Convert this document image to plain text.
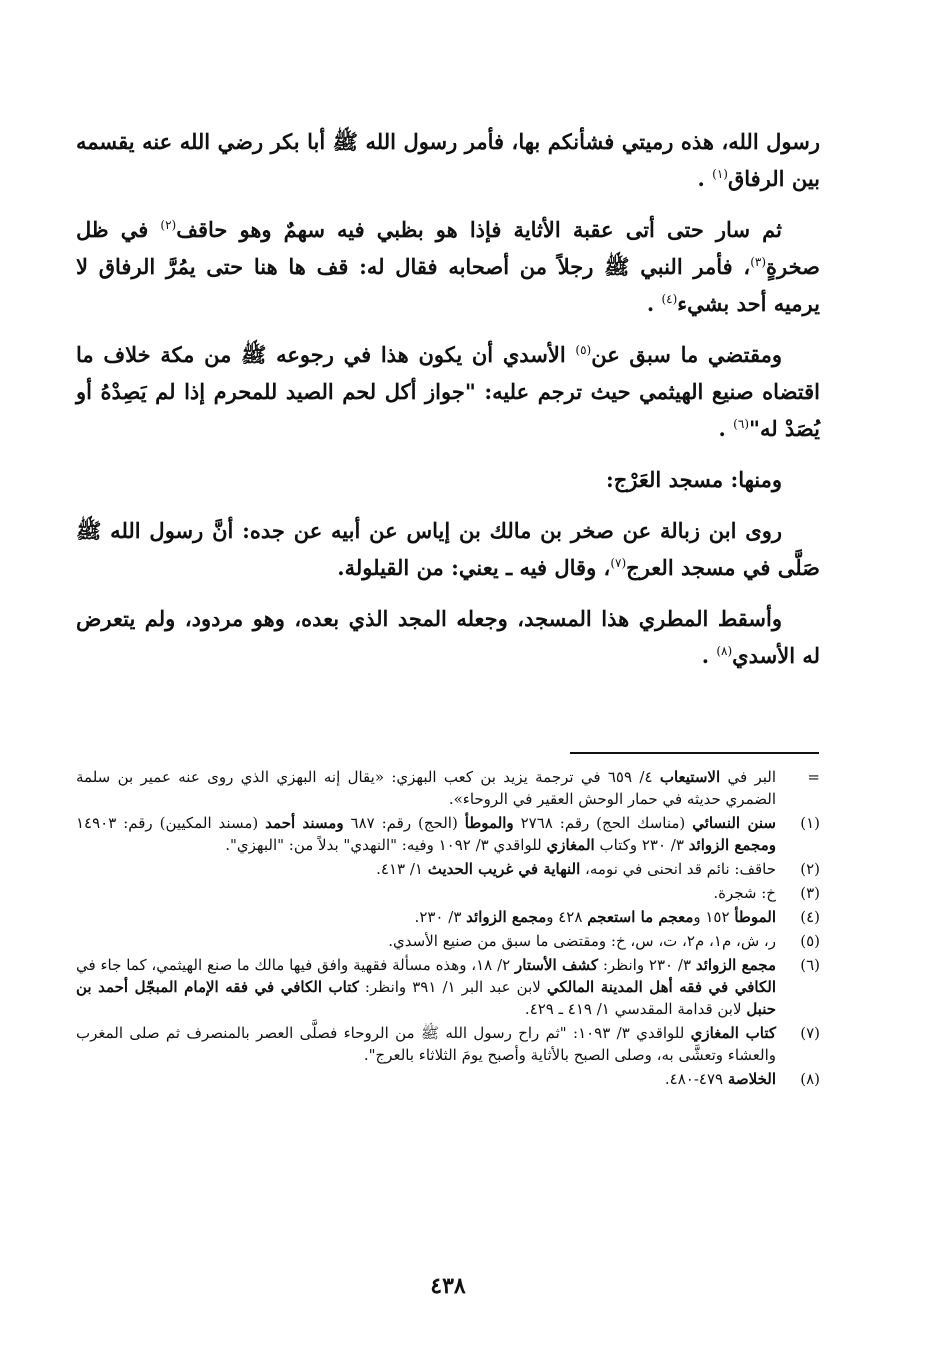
رسول الله، هذه رميتي فشأنكم بها، فأمر رسول الله ﷺ أبا بكر رضي الله عنه يقسمه بين الرفاق$^{(١)}$ .

ثم سار حتى أتى عقبة الأثاية فإذا هو بظبي فيه سهمٌ وهو حاقف$^{(٢)}$ في ظل صخرةٍ$^{(٣)}$، فأمر النبي ﷺ رجلاً من أصحابه فقال له: قف ها هنا حتى يمُرَّ الرفاق لا يرميه أحد بشيء$^{(٤)}$ .

ومقتضي ما سبق عن$^{(٥)}$ الأسدي أن يكون هذا في رجوعه ﷺ من مكة خلاف ما اقتضاه صنيع الهيثمي حيث ترجم عليه: "جواز أكل لحم الصيد للمحرم إذا لم يَصِدْهُ أو يُصَدْ له"$^{(٦)}$ .

ومنها: مسجد العَرْج:

روى ابن زبالة عن صخر بن مالك بن إياس عن أبيه عن جده: أنَّ رسول الله ﷺ صَلَّى في مسجد العرج$^{(٧)}$، وقال فيه ـ يعني: من القيلولة.

وأسقط المطري هذا المسجد، وجعله المجد الذي بعده، وهو مردود، ولم يتعرض له الأسدي$^{(٨)}$ .

=
البر في الاستيعاب ٤/ ٦٥٩ في ترجمة يزيد بن كعب البهزي: «يقال إنه البهزي الذي روى عنه عمير بن سلمة الضمري حديثه في حمار الوحش العقير في الروحاء».
(١)
سنن النسائي (مناسك الحج) رقم: ٢٧٦٨ والموطأ (الحج) رقم: ٦٨٧ ومسند أحمد (مسند المكيين) رقم: ١٤٩٠٣ ومجمع الزوائد ٣/ ٢٣٠ وكتاب المغازي للواقدي ٣/ ١٠٩٢ وفيه: "النهدي" بدلاً من: "البهزي".
(٢)
حاقف: نائم قد انحنى في نومه، النهاية في غريب الحديث ١/ ٤١٣.
(٣)
خ: شجرة.
(٤)
الموطأ ١٥٢ ومعجم ما استعجم ٤٢٨ ومجمع الزوائد ٣/ ٢٣٠.
(٥)
ر، ش، م١، م٢، ت، س، خ: ومقتضى ما سبق من صنيع الأسدي.
(٦)
مجمع الزوائد ٣/ ٢٣٠ وانظر: كشف الأستار ٢/ ١٨، وهذه مسألة فقهية وافق فيها مالك ما صنع الهيثمي، كما جاء في الكافي في فقه أهل المدينة المالكي لابن عبد البر ١/ ٣٩١ وانظر: كتاب الكافي في فقه الإمام المبجّل أحمد بن حنبل لابن قدامة المقدسي ١/ ٤١٩ ـ ٤٢٩.
(٧)
كتاب المغازي للواقدي ٣/ ١٠٩٣: "ثم راح رسول الله ﷺ من الروحاء فصلَّى العصر بالمنصرف ثم صلى المغرب والعشاء وتعشَّى به، وصلى الصبح بالأثاية وأصبح يومَ الثلاثاء بالعرج".
(٨)
الخلاصة ٤٧٩-٤٨٠.
٤٣٨
